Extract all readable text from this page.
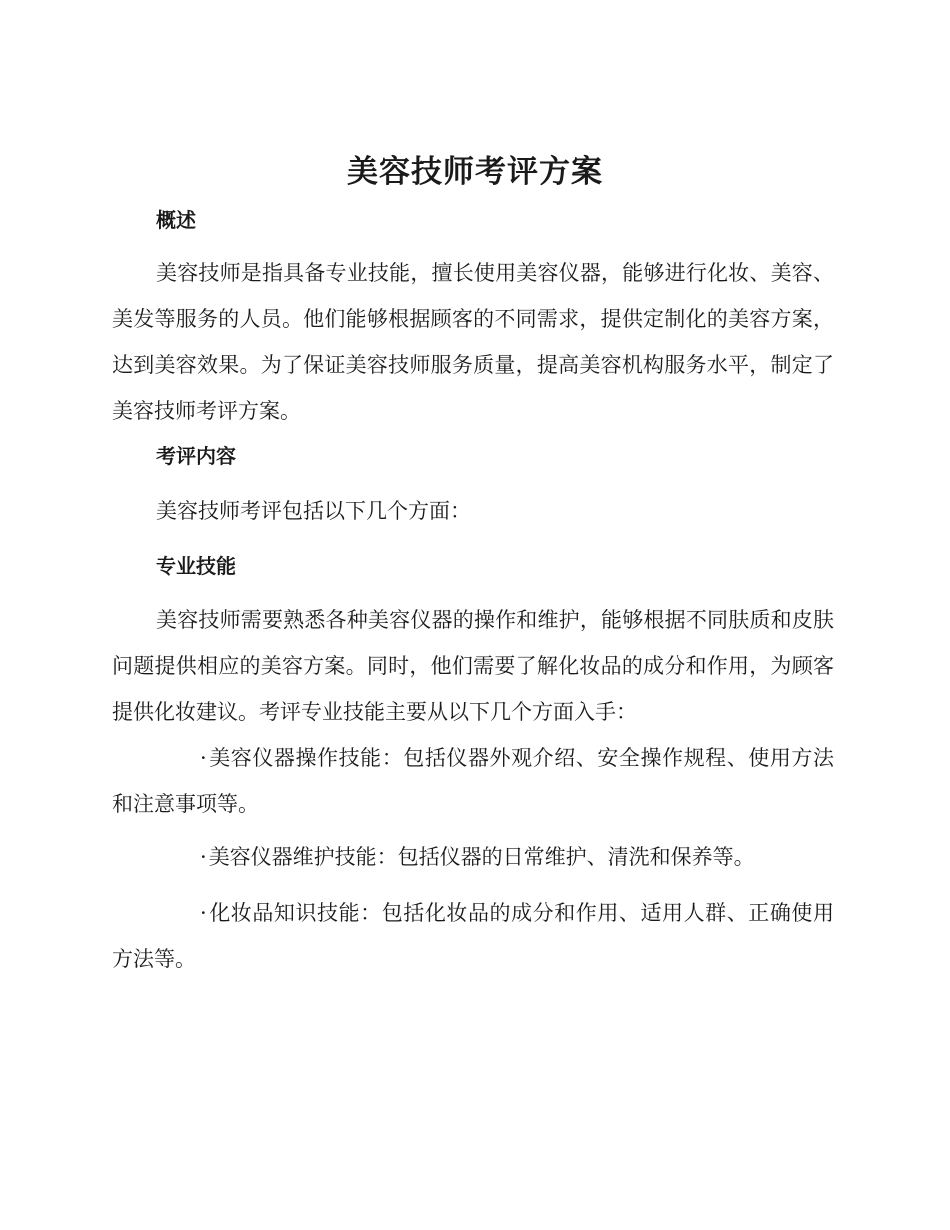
美容技师考评方案
概述

美容技师是指具备专业技能，擅长使用美容仪器，能够进行化妆、美容、美发等服务的人员。他们能够根据顾客的不同需求，提供定制化的美容方案，达到美容效果。为了保证美容技师服务质量，提高美容机构服务水平，制定了美容技师考评方案。

考评内容

美容技师考评包括以下几个方面：

专业技能

美容技师需要熟悉各种美容仪器的操作和维护，能够根据不同肤质和皮肤问题提供相应的美容方案。同时，他们需要了解化妆品的成分和作用，为顾客提供化妆建议。考评专业技能主要从以下几个方面入手：

·美容仪器操作技能：包括仪器外观介绍、安全操作规程、使用方法和注意事项等。

·美容仪器维护技能：包括仪器的日常维护、清洗和保养等。

·化妆品知识技能：包括化妆品的成分和作用、适用人群、正确使用方法等。
